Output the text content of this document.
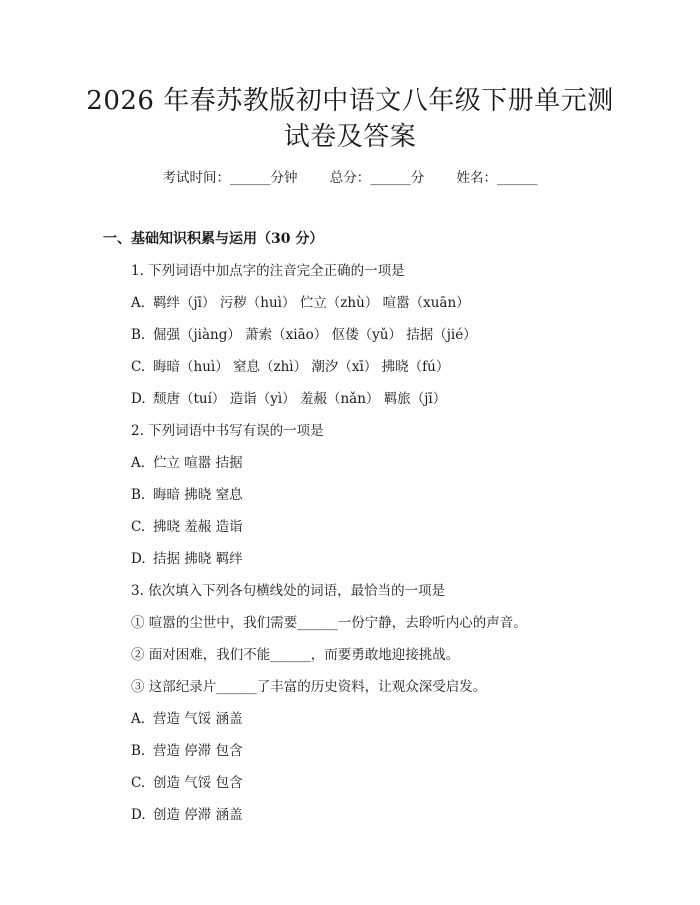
2026 年春苏教版初中语文八年级下册单元测
试卷及答案
考试时间：______分钟 总分：______分 姓名：______
一、基础知识积累与运用（30 分）
1. 下列词语中加点字的注音完全正确的一项是
A. 羁绊（jī） 污秽（huì） 伫立（zhù） 喧嚣（xuān）
B. 倔强（jiàng） 萧索（xiāo） 伛偻（yǔ） 拮据（jié）
C. 晦暗（huì） 窒息（zhì） 潮汐（xī） 拂晓（fú）
D. 颓唐（tuí） 造诣（yì） 羞赧（nǎn） 羁旅（jī）
2. 下列词语中书写有误的一项是
A. 伫立 喧嚣 拮据
B. 晦暗 拂晓 窒息
C. 拂晓 羞赧 造诣
D. 拮据 拂晓 羁绊
3. 依次填入下列各句横线处的词语，最恰当的一项是
① 喧嚣的尘世中，我们需要______一份宁静，去聆听内心的声音。
② 面对困难，我们不能______，而要勇敢地迎接挑战。
③ 这部纪录片______了丰富的历史资料，让观众深受启发。
A. 营造 气馁 涵盖
B. 营造 停滞 包含
C. 创造 气馁 包含
D. 创造 停滞 涵盖
